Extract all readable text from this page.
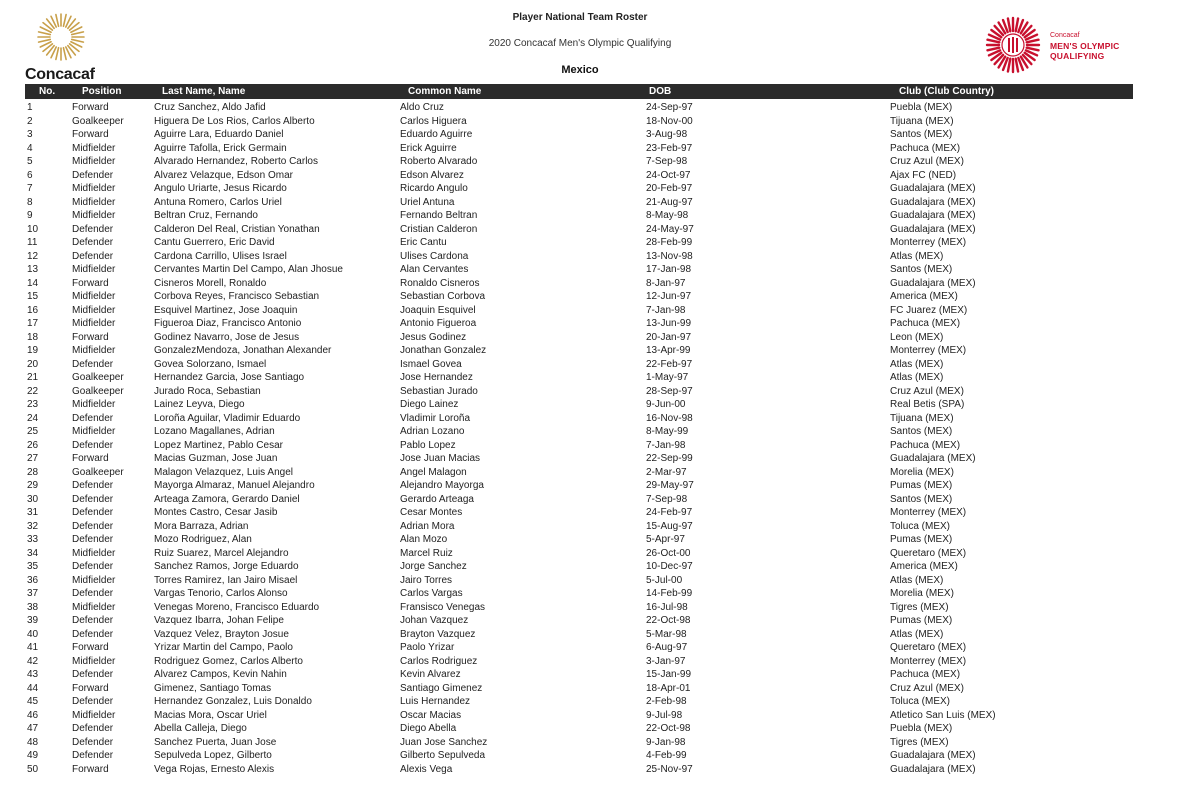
Concacaf
Player National Team Roster
2020 Concacaf Men's Olympic Qualifying
Mexico
Concacaf
MEN'S OLYMPIC
QUALIFYING
No.	Position	Last Name, Name	Common Name	DOB	Club (Club Country)
1	Forward	Cruz Sanchez, Aldo Jafid	Aldo Cruz	24-Sep-97	Puebla (MEX)
2	Goalkeeper	Higuera De Los Rios, Carlos Alberto	Carlos Higuera	18-Nov-00	Tijuana (MEX)
3	Forward	Aguirre Lara, Eduardo Daniel	Eduardo Aguirre	3-Aug-98	Santos (MEX)
4	Midfielder	Aguirre Tafolla, Erick Germain	Erick Aguirre	23-Feb-97	Pachuca (MEX)
5	Midfielder	Alvarado Hernandez, Roberto Carlos	Roberto Alvarado	7-Sep-98	Cruz Azul (MEX)
6	Defender	Alvarez Velazque, Edson Omar	Edson Alvarez	24-Oct-97	Ajax FC (NED)
7	Midfielder	Angulo Uriarte, Jesus Ricardo	Ricardo Angulo	20-Feb-97	Guadalajara (MEX)
8	Midfielder	Antuna Romero, Carlos Uriel	Uriel Antuna	21-Aug-97	Guadalajara (MEX)
9	Midfielder	Beltran Cruz, Fernando	Fernando Beltran	8-May-98	Guadalajara (MEX)
10	Defender	Calderon Del Real, Cristian Yonathan	Cristian Calderon	24-May-97	Guadalajara (MEX)
11	Defender	Cantu Guerrero, Eric David	Eric Cantu	28-Feb-99	Monterrey (MEX)
12	Defender	Cardona Carrillo, Ulises Israel	Ulises Cardona	13-Nov-98	Atlas (MEX)
13	Midfielder	Cervantes Martin Del Campo, Alan Jhosue	Alan Cervantes	17-Jan-98	Santos (MEX)
14	Forward	Cisneros Morell, Ronaldo	Ronaldo Cisneros	8-Jan-97	Guadalajara (MEX)
15	Midfielder	Corbova Reyes, Francisco Sebastian	Sebastian Corbova	12-Jun-97	America (MEX)
16	Midfielder	Esquivel Martinez, Jose Joaquin	Joaquin Esquivel	7-Jan-98	FC Juarez (MEX)
17	Midfielder	Figueroa Diaz, Francisco Antonio	Antonio Figueroa	13-Jun-99	Pachuca (MEX)
18	Forward	Godinez Navarro, Jose de Jesus	Jesus Godinez	20-Jan-97	Leon (MEX)
19	Midfielder	GonzalezMendoza, Jonathan Alexander	Jonathan Gonzalez	13-Apr-99	Monterrey (MEX)
20	Defender	Govea Solorzano, Ismael	Ismael Govea	22-Feb-97	Atlas (MEX)
21	Goalkeeper	Hernandez Garcia, Jose Santiago	Jose Hernandez	1-May-97	Atlas (MEX)
22	Goalkeeper	Jurado Roca, Sebastian	Sebastian Jurado	28-Sep-97	Cruz Azul (MEX)
23	Midfielder	Lainez Leyva, Diego	Diego Lainez	9-Jun-00	Real Betis (SPA)
24	Defender	Loroña Aguilar, Vladimir Eduardo	Vladimir Loroña	16-Nov-98	Tijuana (MEX)
25	Midfielder	Lozano Magallanes, Adrian	Adrian Lozano	8-May-99	Santos (MEX)
26	Defender	Lopez Martinez, Pablo Cesar	Pablo Lopez	7-Jan-98	Pachuca (MEX)
27	Forward	Macias Guzman, Jose Juan	Jose Juan Macias	22-Sep-99	Guadalajara (MEX)
28	Goalkeeper	Malagon Velazquez, Luis Angel	Angel Malagon	2-Mar-97	Morelia (MEX)
29	Defender	Mayorga Almaraz, Manuel Alejandro	Alejandro Mayorga	29-May-97	Pumas (MEX)
30	Defender	Arteaga Zamora, Gerardo Daniel	Gerardo Arteaga	7-Sep-98	Santos (MEX)
31	Defender	Montes Castro, Cesar Jasib	Cesar Montes	24-Feb-97	Monterrey (MEX)
32	Defender	Mora Barraza, Adrian	Adrian Mora	15-Aug-97	Toluca (MEX)
33	Defender	Mozo Rodriguez, Alan	Alan Mozo	5-Apr-97	Pumas (MEX)
34	Midfielder	Ruiz Suarez, Marcel Alejandro	Marcel Ruiz	26-Oct-00	Queretaro (MEX)
35	Defender	Sanchez Ramos, Jorge Eduardo	Jorge Sanchez	10-Dec-97	America (MEX)
36	Midfielder	Torres Ramirez, Ian Jairo Misael	Jairo Torres	5-Jul-00	Atlas (MEX)
37	Defender	Vargas Tenorio, Carlos Alonso	Carlos Vargas	14-Feb-99	Morelia (MEX)
38	Midfielder	Venegas Moreno, Francisco Eduardo	Fransisco Venegas	16-Jul-98	Tigres (MEX)
39	Defender	Vazquez Ibarra, Johan Felipe	Johan Vazquez	22-Oct-98	Pumas (MEX)
40	Defender	Vazquez Velez, Brayton Josue	Brayton Vazquez	5-Mar-98	Atlas (MEX)
41	Forward	Yrizar Martin del Campo, Paolo	Paolo Yrizar	6-Aug-97	Queretaro (MEX)
42	Midfielder	Rodriguez Gomez, Carlos Alberto	Carlos Rodriguez	3-Jan-97	Monterrey (MEX)
43	Defender	Alvarez Campos, Kevin Nahin	Kevin Alvarez	15-Jan-99	Pachuca (MEX)
44	Forward	Gimenez, Santiago Tomas	Santiago Gimenez	18-Apr-01	Cruz Azul (MEX)
45	Defender	Hernandez Gonzalez, Luis Donaldo	Luis Hernandez	2-Feb-98	Toluca (MEX)
46	Midfielder	Macias Mora, Oscar Uriel	Oscar Macias	9-Jul-98	Atletico San Luis (MEX)
47	Defender	Abella Calleja, Diego	Diego Abella	22-Oct-98	Puebla (MEX)
48	Defender	Sanchez Puerta, Juan Jose	Juan Jose Sanchez	9-Jan-98	Tigres (MEX)
49	Defender	Sepulveda Lopez, Gilberto	Gilberto Sepulveda	4-Feb-99	Guadalajara (MEX)
50	Forward	Vega Rojas, Ernesto Alexis	Alexis Vega	25-Nov-97	Guadalajara (MEX)
